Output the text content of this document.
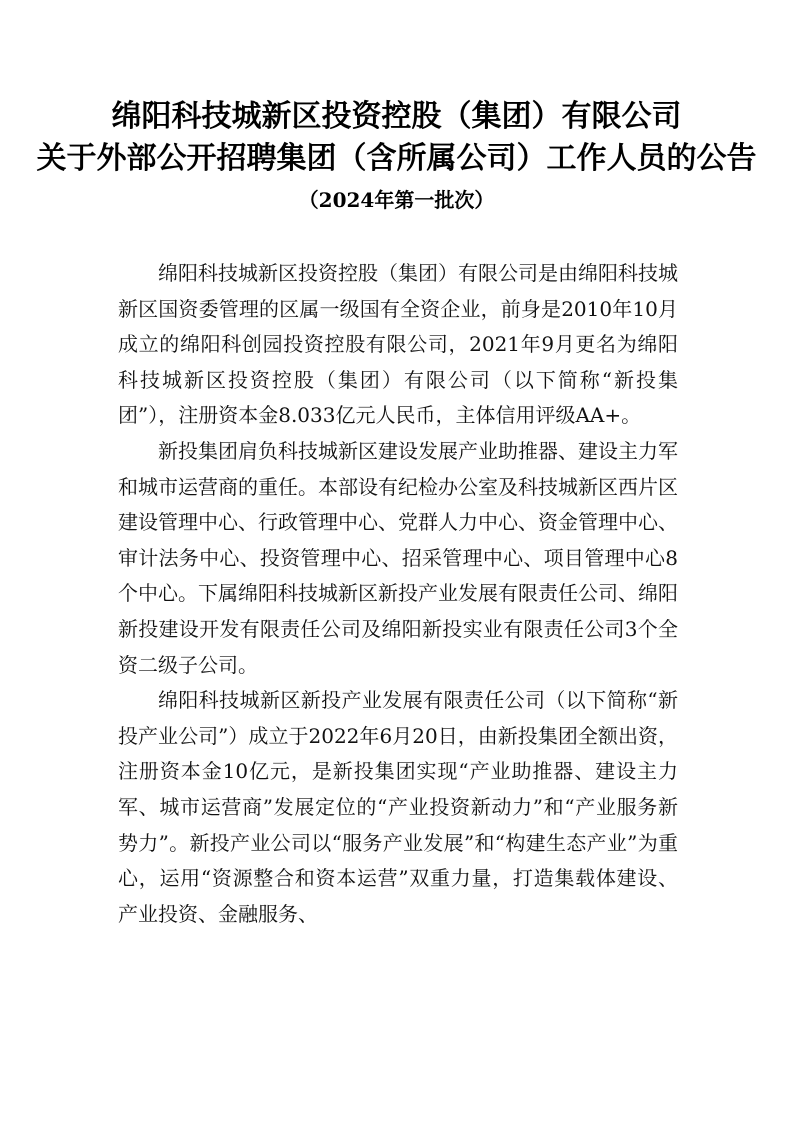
绵阳科技城新区投资控股（集团）有限公司
关于外部公开招聘集团（含所属公司）工作人员的公告
（2024年第一批次）

绵阳科技城新区投资控股（集团）有限公司是由绵阳科技城新区国资委管理的区属一级国有全资企业，前身是2010年10月成立的绵阳科创园投资控股有限公司，2021年9月更名为绵阳科技城新区投资控股（集团）有限公司（以下简称“新投集团”），注册资本金8.033亿元人民币，主体信用评级AA+。

新投集团肩负科技城新区建设发展产业助推器、建设主力军和城市运营商的重任。本部设有纪检办公室及科技城新区西片区建设管理中心、行政管理中心、党群人力中心、资金管理中心、审计法务中心、投资管理中心、招采管理中心、项目管理中心8个中心。下属绵阳科技城新区新投产业发展有限责任公司、绵阳新投建设开发有限责任公司及绵阳新投实业有限责任公司3个全资二级子公司。

绵阳科技城新区新投产业发展有限责任公司（以下简称“新投产业公司”）成立于2022年6月20日，由新投集团全额出资，注册资本金10亿元，是新投集团实现“产业助推器、建设主力军、城市运营商”发展定位的“产业投资新动力”和“产业服务新势力”。新投产业公司以“服务产业发展”和“构建生态产业”为重心，运用“资源整合和资本运营”双重力量，打造集载体建设、产业投资、金融服务、
